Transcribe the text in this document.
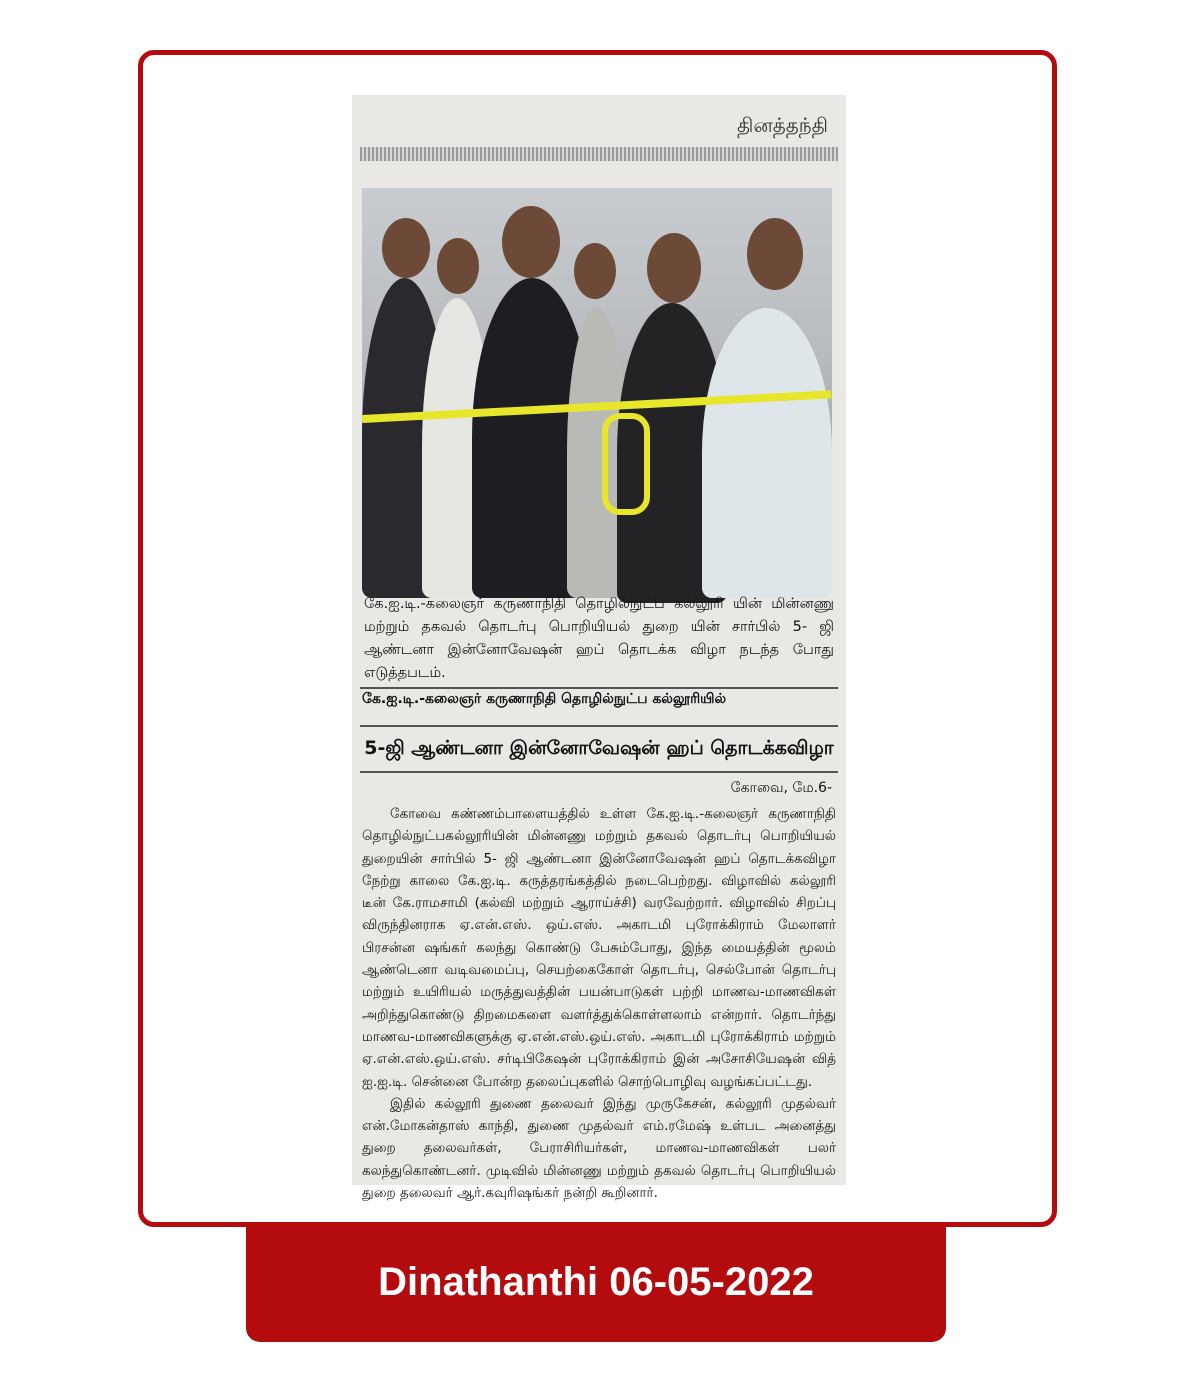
தினத்தந்தி
கே.ஐ.டி.-கலைஞர் கருணாநிதி தொழில்நுட்ப கல்லூரி யின் மின்னணு மற்றும் தகவல் தொடர்பு பொறியியல் துறை யின் சார்பில் 5- ஜி ஆண்டனா இன்னோவேஷன் ஹப் தொடக்க விழா நடந்த போது எடுத்தபடம்.
கே.ஐ.டி.-கலைஞர் கருணாநிதி தொழில்நுட்ப கல்லூரியில்
5-ஜி ஆண்டனா இன்னோவேஷன் ஹப் தொடக்கவிழா
கோவை, மே.6-

கோவை கண்ணம்பாளையத்தில் உள்ள கே.ஐ.டி.-கலைஞர் கருணாநிதி தொழில்நுட்பகல்லூரியின் மின்னணு மற்றும் தகவல் தொடர்பு பொறியியல் துறையின் சார்பில் 5- ஜி ஆண்டனா இன்னோவேஷன் ஹப் தொடக்கவிழா நேற்று காலை கே.ஐ.டி. கருத்தரங்கத்தில் நடைபெற்றது. விழாவில் கல்லூரி டீன் கே.ராமசாமி (கல்வி மற்றும் ஆராய்ச்சி) வரவேற்றார். விழாவில் சிறப்பு விருந்தினராக ஏ.என்.எஸ். ஒய்.எஸ். அகாடமி புரோக்கிராம் மேலாளர் பிரசன்ன ஷங்கர் கலந்து கொண்டு பேசும்போது, இந்த மையத்தின் மூலம் ஆண்டெனா வடிவமைப்பு, செயற்கைகோள் தொடர்பு, செல்போன் தொடர்பு மற்றும் உயிரியல் மருத்துவத்தின் பயன்பாடுகள் பற்றி மாணவ-மாணவிகள் அறிந்துகொண்டு திறமைகளை வளர்த்துக்கொள்ளலாம் என்றார். தொடர்ந்து மாணவ-மாணவிகளுக்கு ஏ.என்.எஸ்.ஒய்.எஸ். அகாடமி புரோக்கிராம் மற்றும் ஏ.என்.எஸ்.ஒய்.எஸ். சர்டிபிகேஷன் புரோக்கிராம் இன் அசோசியேஷன் வித் ஐ.ஐ.டி. சென்னை போன்ற தலைப்புகளில் சொற்பொழிவு வழங்கப்பட்டது.

இதில் கல்லூரி துணை தலைவர் இந்து முருகேசன், கல்லூரி முதல்வர் என்.மோகன்தாஸ் காந்தி, துணை முதல்வர் எம்.ரமேஷ் உள்பட அனைத்து துறை தலைவர்கள், பேராசிரியர்கள், மாணவ-மாணவிகள் பலர் கலந்துகொண்டனர். முடிவில் மின்னணு மற்றும் தகவல் தொடர்பு பொறியியல் துறை தலைவர் ஆர்.கவுரிஷங்கர் நன்றி கூறினார்.

Dinathanthi 06-05-2022
